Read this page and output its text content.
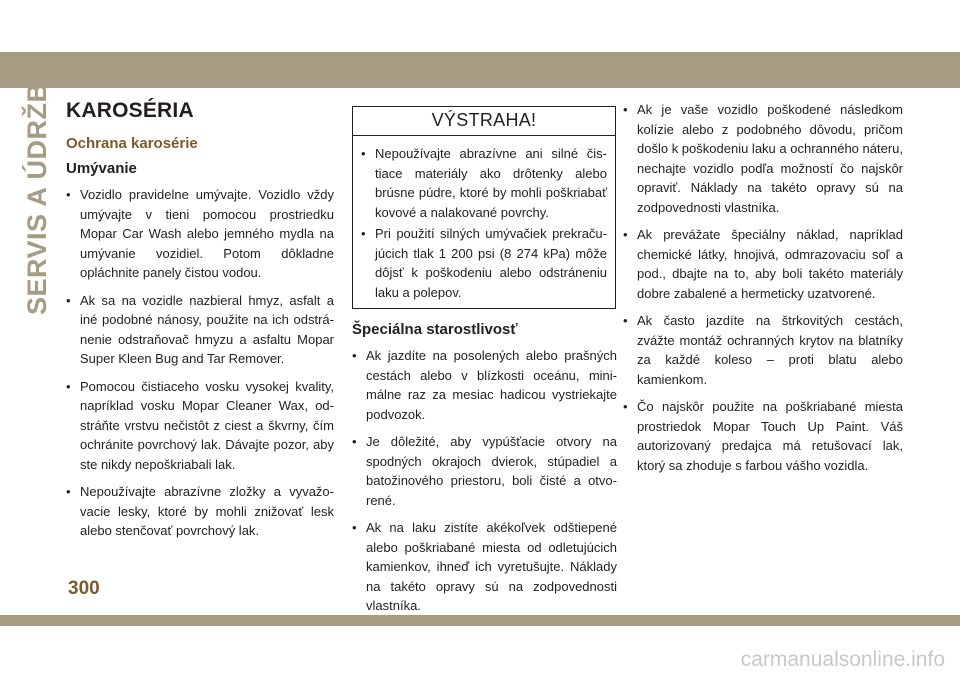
SERVIS A ÚDRŽBA KAROSÉRIA
Ochrana karosérie
Umývanie
• Vozidlo pravidelne umývajte. Vozidlo vždy umývajte v tieni pomocou prostriedku Mopar Car Wash alebo jemného mydla na umývanie vozidiel. Potom dôkladne opláchnite panely čistou vodou.
• Ak sa na vozidle nazbieral hmyz, asfalt a iné podobné nánosy, použite na ich odstránenie odstraňovač hmyzu a asfaltu Mopar Super Kleen Bug and Tar Remover.
• Pomocou čistiaceho vosku vysokej kvality, napríklad vosku Mopar Cleaner Wax, odstráňte vrstvu nečistôt z ciest a škvrny, čím ochránite povrchový lak. Dávajte pozor, aby ste nikdy nepoškriabali lak.
• Nepoužívajte abrazívne zložky a vyvažovacie lesky, ktoré by mohli znižovať lesk alebo stenčovať povrchový lak.
VÝSTRAHA!
• Nepoužívajte abrazívne ani silné čistiace materiály ako drôtenky alebo brúsne púdre, ktoré by mohli poškriabať kovové a nalakované povrchy.
• Pri použití silných umývačiek prekračujúcich tlak 1 200 psi (8 274 kPa) môže dôjsť k poškodeniu alebo odstráneniu laku a polepov.
Špeciálna starostlivosť
• Ak jazdíte na posolených alebo prašných cestách alebo v blízkosti oceánu, minimálne raz za mesiac hadicou vystriekajte podvozok.
• Je dôležité, aby vypúšťacie otvory na spodných okrajoch dvierok, stúpadiel a batožinového priestoru, boli čisté a otvorené.
• Ak na laku zistíte akékoľvek odštiepené alebo poškriabané miesta od odletujúcich kamienkov, ihneď ich vyretušujte. Náklady na takéto opravy sú na zodpovednosti vlastníka.
• Ak je vaše vozidlo poškodené následkom kolízie alebo z podobného dôvodu, pričom došlo k poškodeniu laku a ochranného náteru, nechajte vozidlo podľa možností čo najskôr opraviť. Náklady na takéto opravy sú na zodpovednosti vlastníka.
• Ak prevážate špeciálny náklad, napríklad chemické látky, hnojivá, odmrazovaciu soľ a pod., dbajte na to, aby boli takéto materiály dobre zabalené a hermeticky uzatvorené.
• Ak často jazdíte na štrkovitých cestách, zvážte montáž ochranných krytov na blatníky za každé koleso – proti blatu alebo kamienkom.
• Čo najskôr použite na poškriabané miesta prostriedok Mopar Touch Up Paint. Váš autorizovaný predajca má retušovací lak, ktorý sa zhoduje s farbou vášho vozidla.
300
carmanualsonline.info
